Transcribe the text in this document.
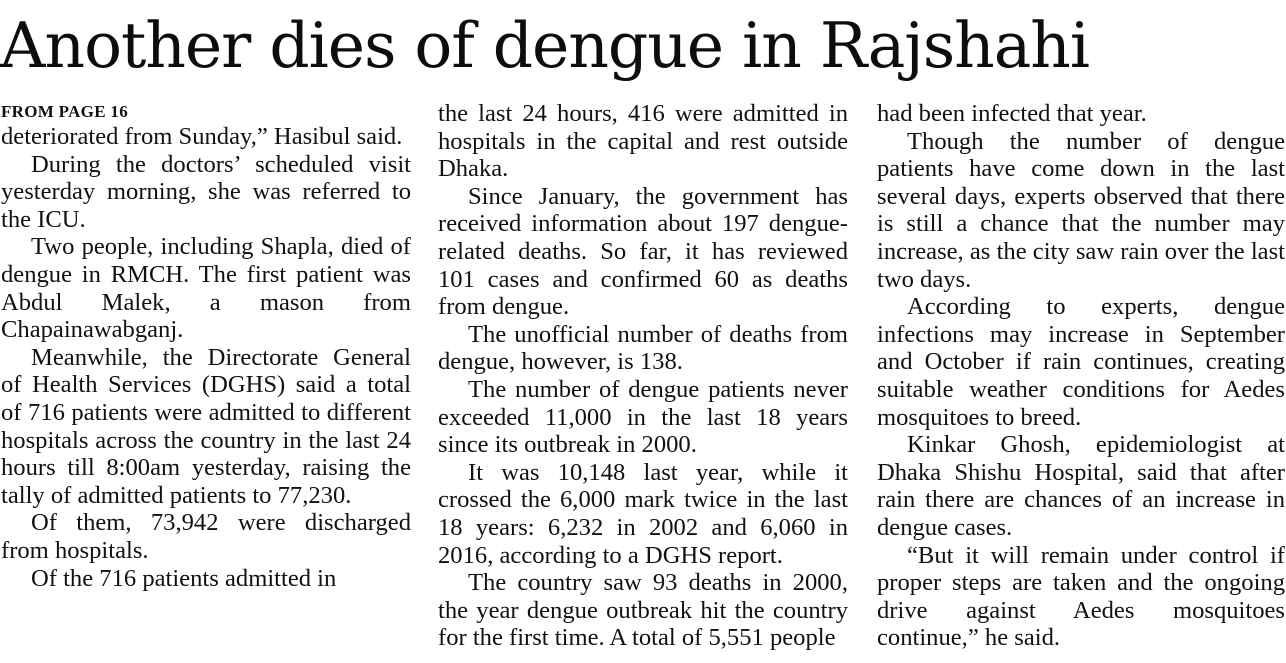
Another dies of dengue in Rajshahi
FROM PAGE 16

deteriorated from Sunday,” Hasibul said.

During the doctors’ scheduled visit yesterday morning, she was referred to the ICU.

Two people, including Shapla, died of dengue in RMCH. The first patient was Abdul Malek, a mason from Chapainawabganj.

Meanwhile, the Directorate General of Health Services (DGHS) said a total of 716 patients were admitted to different hospitals across the country in the last 24 hours till 8:00am yesterday, raising the tally of admitted patients to 77,230.

Of them, 73,942 were discharged from hospitals.

Of the 716 patients admitted in

the last 24 hours, 416 were admitted in hospitals in the capital and rest outside Dhaka.

Since January, the government has received information about 197 dengue-related deaths. So far, it has reviewed 101 cases and confirmed 60 as deaths from dengue.

The unofficial number of deaths from dengue, however, is 138.

The number of dengue patients never exceeded 11,000 in the last 18 years since its outbreak in 2000.

It was 10,148 last year, while it crossed the 6,000 mark twice in the last 18 years: 6,232 in 2002 and 6,060 in 2016, according to a DGHS report.

The country saw 93 deaths in 2000, the year dengue outbreak hit the country for the first time. A total of 5,551 people

had been infected that year.

Though the number of dengue patients have come down in the last several days, experts observed that there is still a chance that the number may increase, as the city saw rain over the last two days.

According to experts, dengue infections may increase in September and October if rain continues, creating suitable weather conditions for Aedes mosquitoes to breed.

Kinkar Ghosh, epidemiologist at Dhaka Shishu Hospital, said that after rain there are chances of an increase in dengue cases.

“But it will remain under control if proper steps are taken and the ongoing drive against Aedes mosquitoes continue,” he said.
